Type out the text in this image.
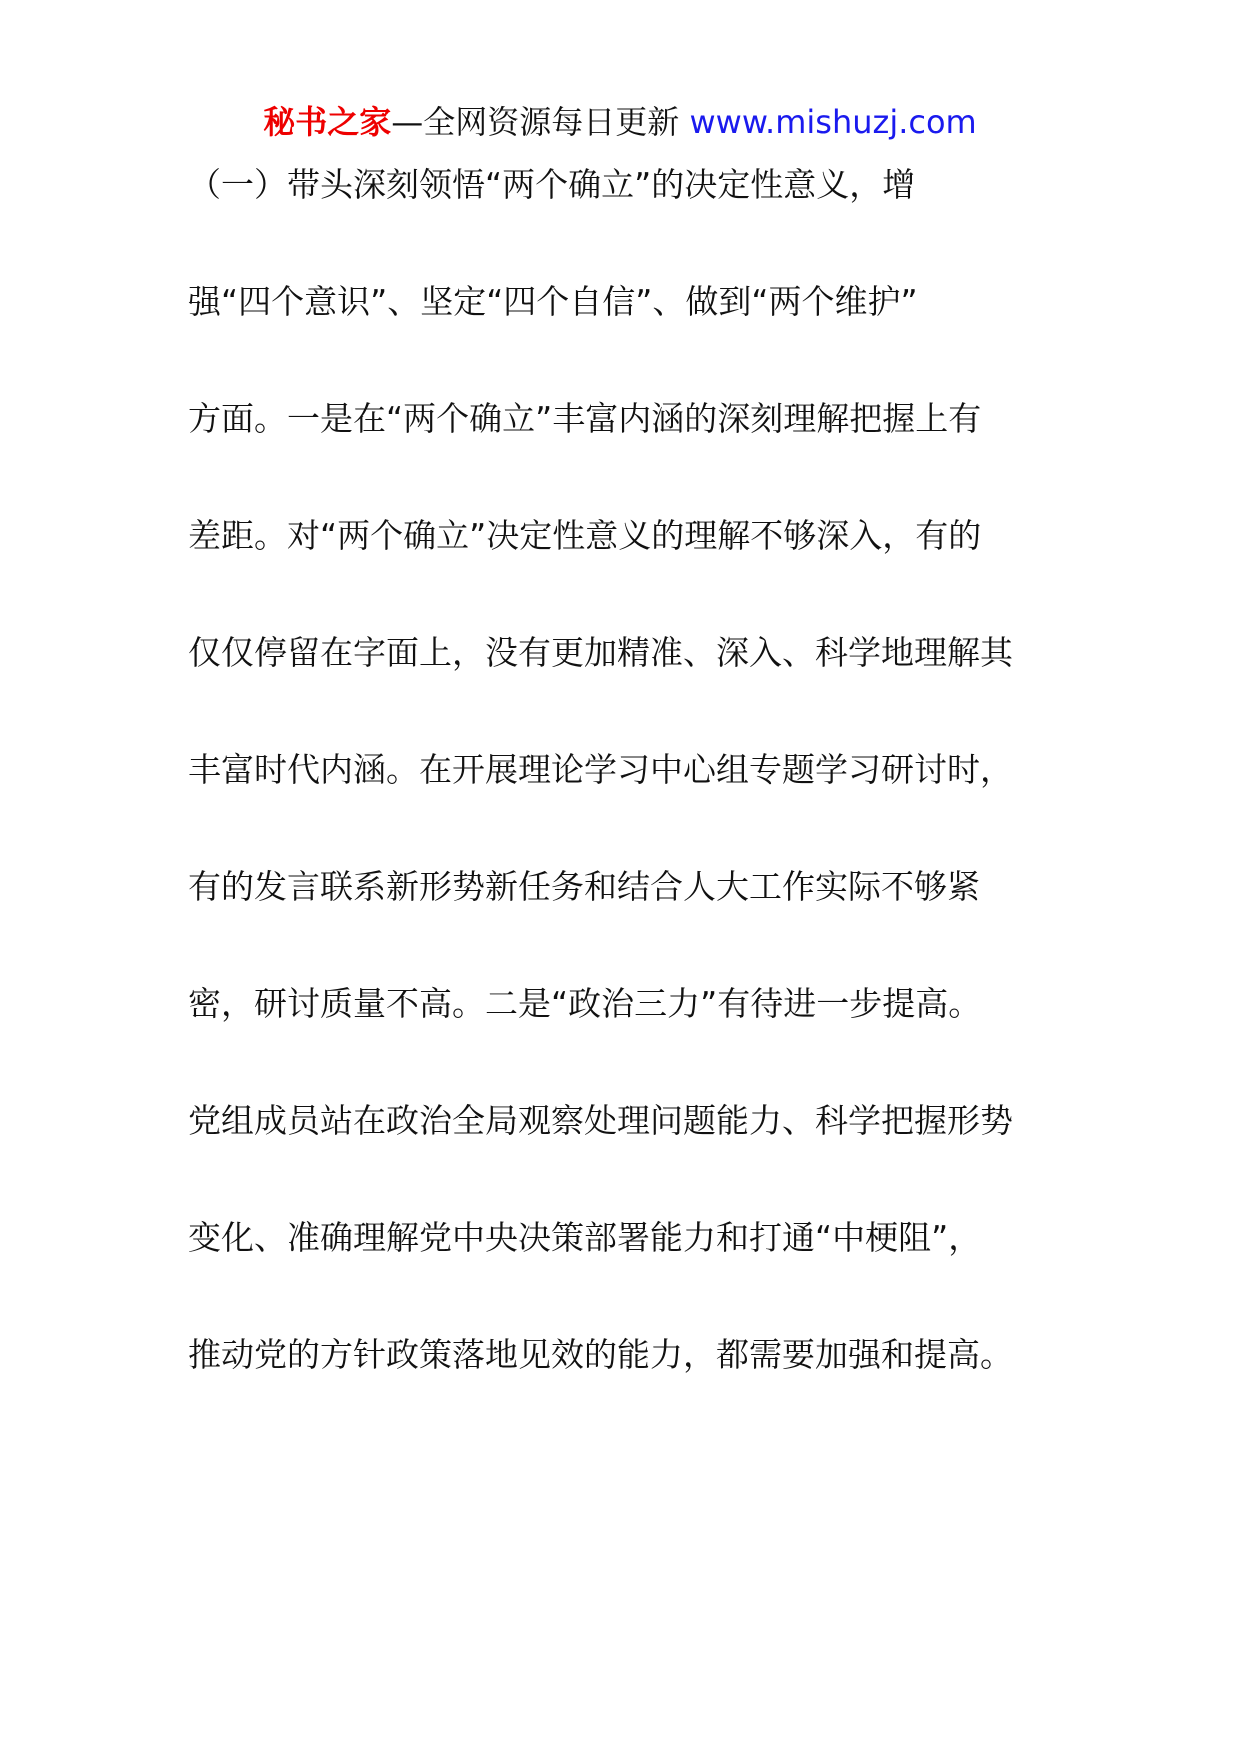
秘书之家—全网资源每日更新 www.mishuzj.com
（一）带头深刻领悟“两个确立”的决定性意义，增
强“四个意识”、坚定“四个自信”、做到“两个维护”
方面。一是在“两个确立”丰富内涵的深刻理解把握上有
差距。对“两个确立”决定性意义的理解不够深入，有的
仅仅停留在字面上，没有更加精准、深入、科学地理解其
丰富时代内涵。在开展理论学习中心组专题学习研讨时，
有的发言联系新形势新任务和结合人大工作实际不够紧
密，研讨质量不高。二是“政治三力”有待进一步提高。
党组成员站在政治全局观察处理问题能力、科学把握形势
变化、准确理解党中央决策部署能力和打通“中梗阻”，
推动党的方针政策落地见效的能力，都需要加强和提高。
